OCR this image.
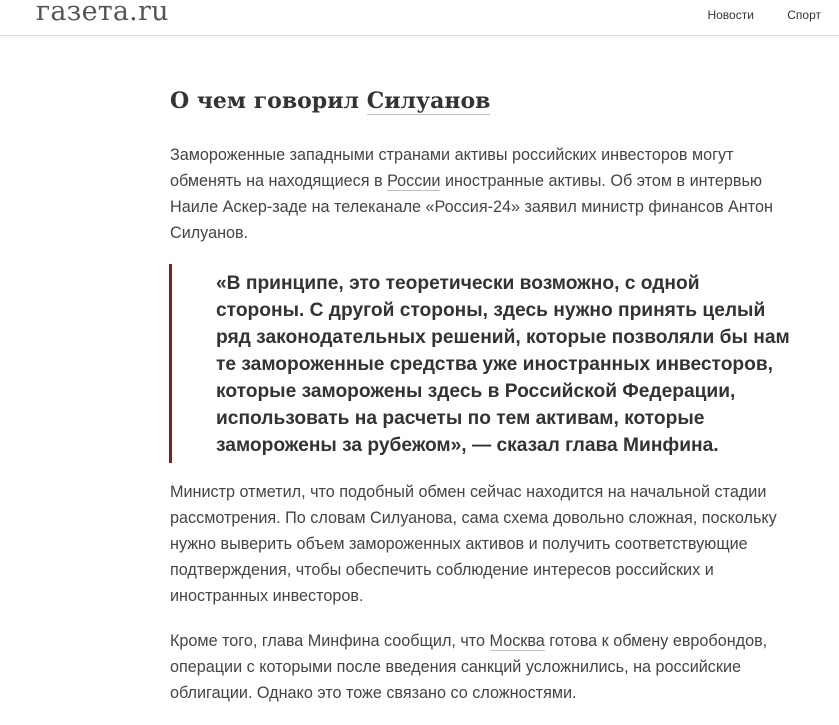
газета.ru	Новости	Спорт
О чем говорил Силуанов

Замороженные западными странами активы российских инвесторов могут обменять на находящиеся в России иностранные активы. Об этом в интервью Наиле Аскер-заде на телеканале «Россия-24» заявил министр финансов Антон Силуанов.

«В принципе, это теоретически возможно, с одной стороны. С другой стороны, здесь нужно принять целый ряд законодательных решений, которые позволяли бы нам те замороженные средства уже иностранных инвесторов, которые заморожены здесь в Российской Федерации, использовать на расчеты по тем активам, которые заморожены за рубежом», — сказал глава Минфина.

Министр отметил, что подобный обмен сейчас находится на начальной стадии рассмотрения. По словам Силуанова, сама схема довольно сложная, поскольку нужно выверить объем замороженных активов и получить соответствующие подтверждения, чтобы обеспечить соблюдение интересов российских и иностранных инвесторов.

Кроме того, глава Минфина сообщил, что Москва готова к обмену евробондов, операции с которыми после введения санкций усложнились, на российские облигации. Однако это тоже связано со сложностями.
